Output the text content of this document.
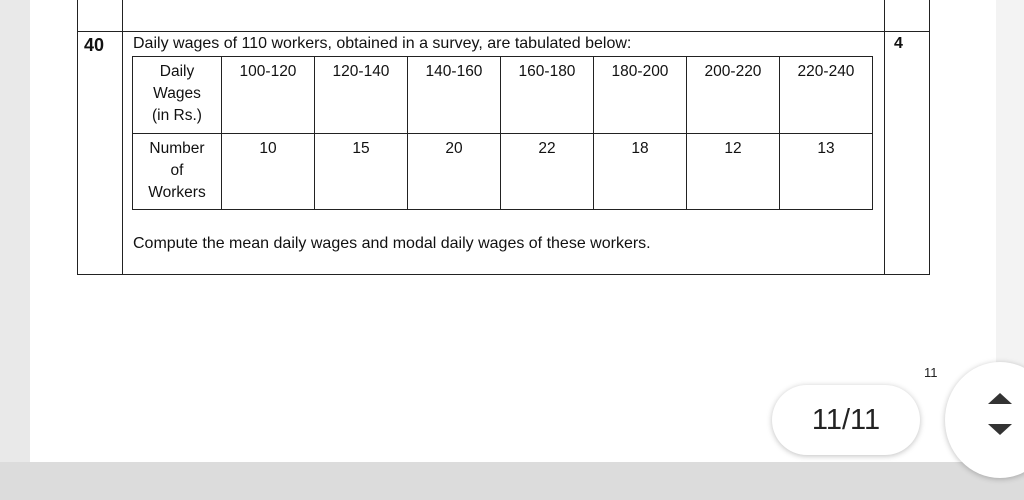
40 Daily wages of 110 workers, obtained in a survey, are tabulated below:	4
Daily
Wages
(in Rs.)	100-120	120-140	140-160	160-180	180-200	200-220	220-240

Number
of
Workers	10	15	20	22	18	12	13
Compute the mean daily wages and modal daily wages of these workers.
11/11
11
